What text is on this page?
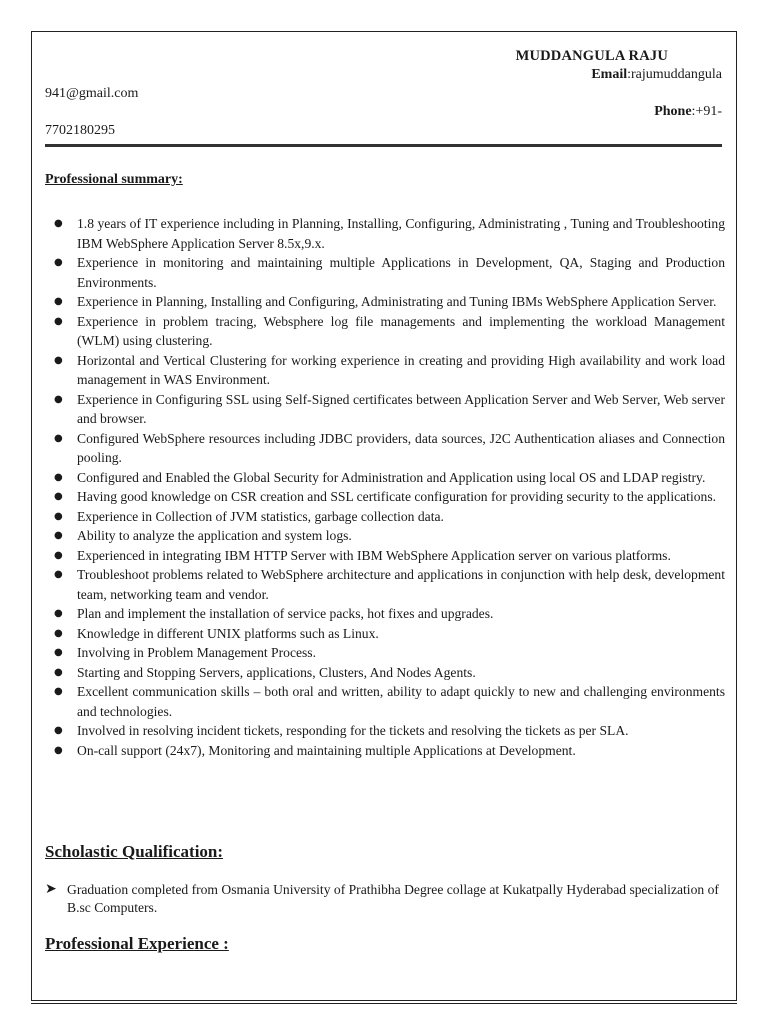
MUDDANGULA RAJU
Email:rajumuddangula
941@gmail.com
Phone:+91-
7702180295
Professional summary:
● 1.8 years of IT experience including in Planning, Installing, Configuring, Administrating , Tuning and Troubleshooting IBM WebSphere Application Server 8.5x,9.x.
● Experience in monitoring and maintaining multiple Applications in Development, QA, Staging and Production Environments.
● Experience in Planning, Installing and Configuring, Administrating and Tuning IBMs WebSphere Application Server.
● Experience in problem tracing, Websphere log file managements and implementing the workload Management (WLM) using clustering.
● Horizontal and Vertical Clustering for working experience in creating and providing High availability and work load management in WAS Environment.
● Experience in Configuring SSL using Self-Signed certificates between Application Server and Web Server, Web server and browser.
● Configured WebSphere resources including JDBC providers, data sources, J2C Authentication aliases and Connection pooling.
● Configured and Enabled the Global Security for Administration and Application using local OS and LDAP registry.
● Having good knowledge on CSR creation and SSL certificate configuration for providing security to the applications.
● Experience in Collection of JVM statistics, garbage collection data.
● Ability to analyze the application and system logs.
● Experienced in integrating IBM HTTP Server with IBM WebSphere Application server on various platforms.
● Troubleshoot problems related to WebSphere architecture and applications in conjunction with help desk, development team, networking team and vendor.
● Plan and implement the installation of service packs, hot fixes and upgrades.
● Knowledge in different UNIX platforms such as Linux.
● Involving in Problem Management Process.
● Starting and Stopping Servers, applications, Clusters, And Nodes Agents.
● Excellent communication skills – both oral and written, ability to adapt quickly to new and challenging environments and technologies.
● Involved in resolving incident tickets, responding for the tickets and resolving the tickets as per SLA.
● On-call support (24x7), Monitoring and maintaining multiple Applications at Development.
Scholastic Qualification:
➤ Graduation completed from Osmania University of Prathibha Degree collage at Kukatpally Hyderabad specialization of B.sc Computers.
Professional Experience :
